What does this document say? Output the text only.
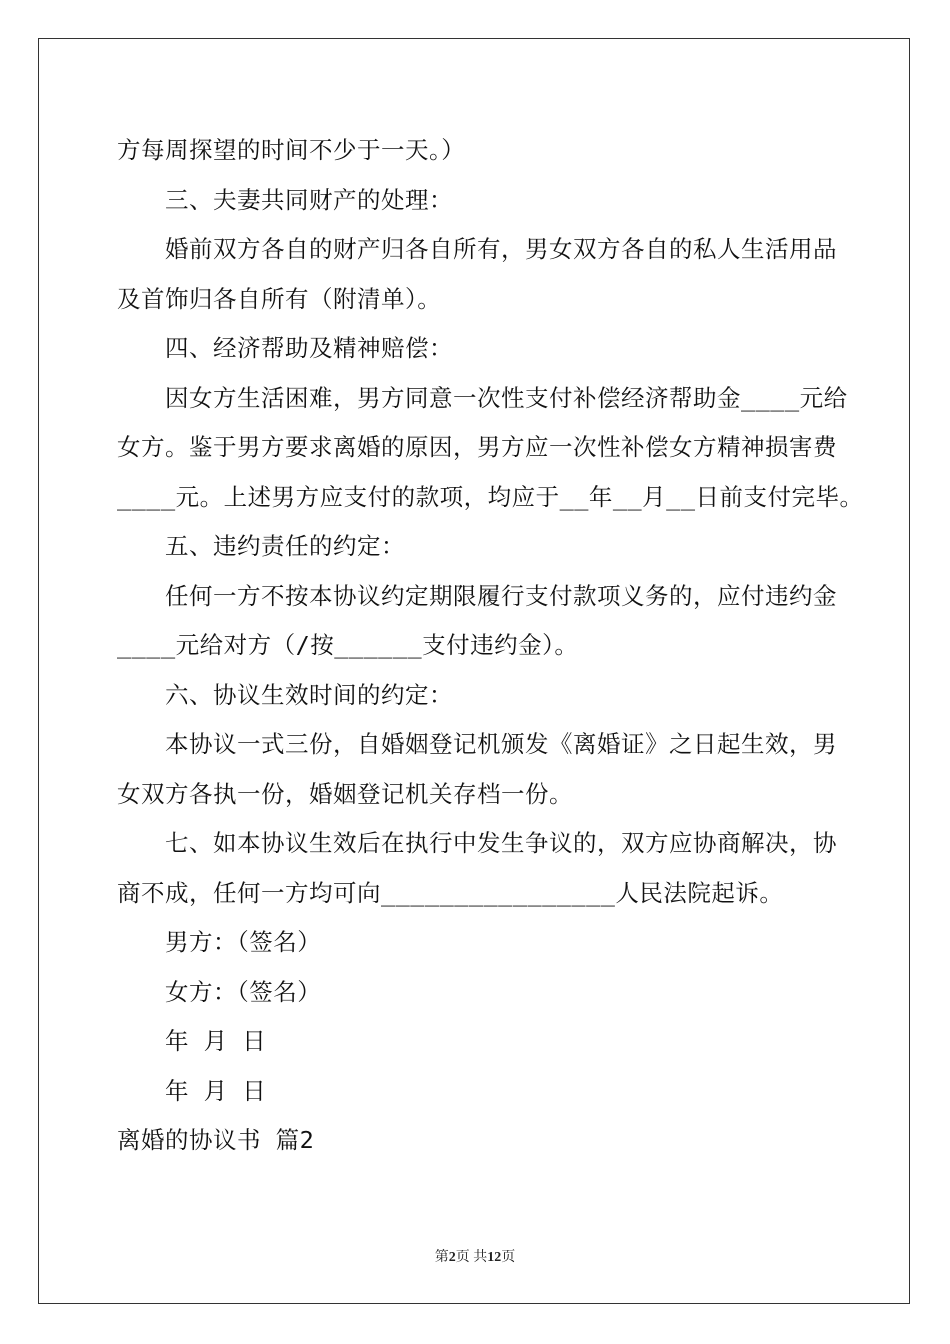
方每周探望的时间不少于一天。）
三、夫妻共同财产的处理：
婚前双方各自的财产归各自所有，男女双方各自的私人生活用品
及首饰归各自所有（附清单）。
四、经济帮助及精神赔偿：
因女方生活困难，男方同意一次性支付补偿经济帮助金____元给
女方。鉴于男方要求离婚的原因，男方应一次性补偿女方精神损害费
____元。上述男方应支付的款项，均应于__年__月__日前支付完毕。
五、违约责任的约定：
任何一方不按本协议约定期限履行支付款项义务的，应付违约金
____元给对方（/按______支付违约金）。
六、协议生效时间的约定：
本协议一式三份，自婚姻登记机颁发《离婚证》之日起生效，男
女双方各执一份，婚姻登记机关存档一份。
七、如本协议生效后在执行中发生争议的，双方应协商解决，协
商不成，任何一方均可向________________人民法院起诉。
男方：（签名）
女方：（签名）
年 月 日
年 月 日
离婚的协议书 篇2
第2页 共12页
